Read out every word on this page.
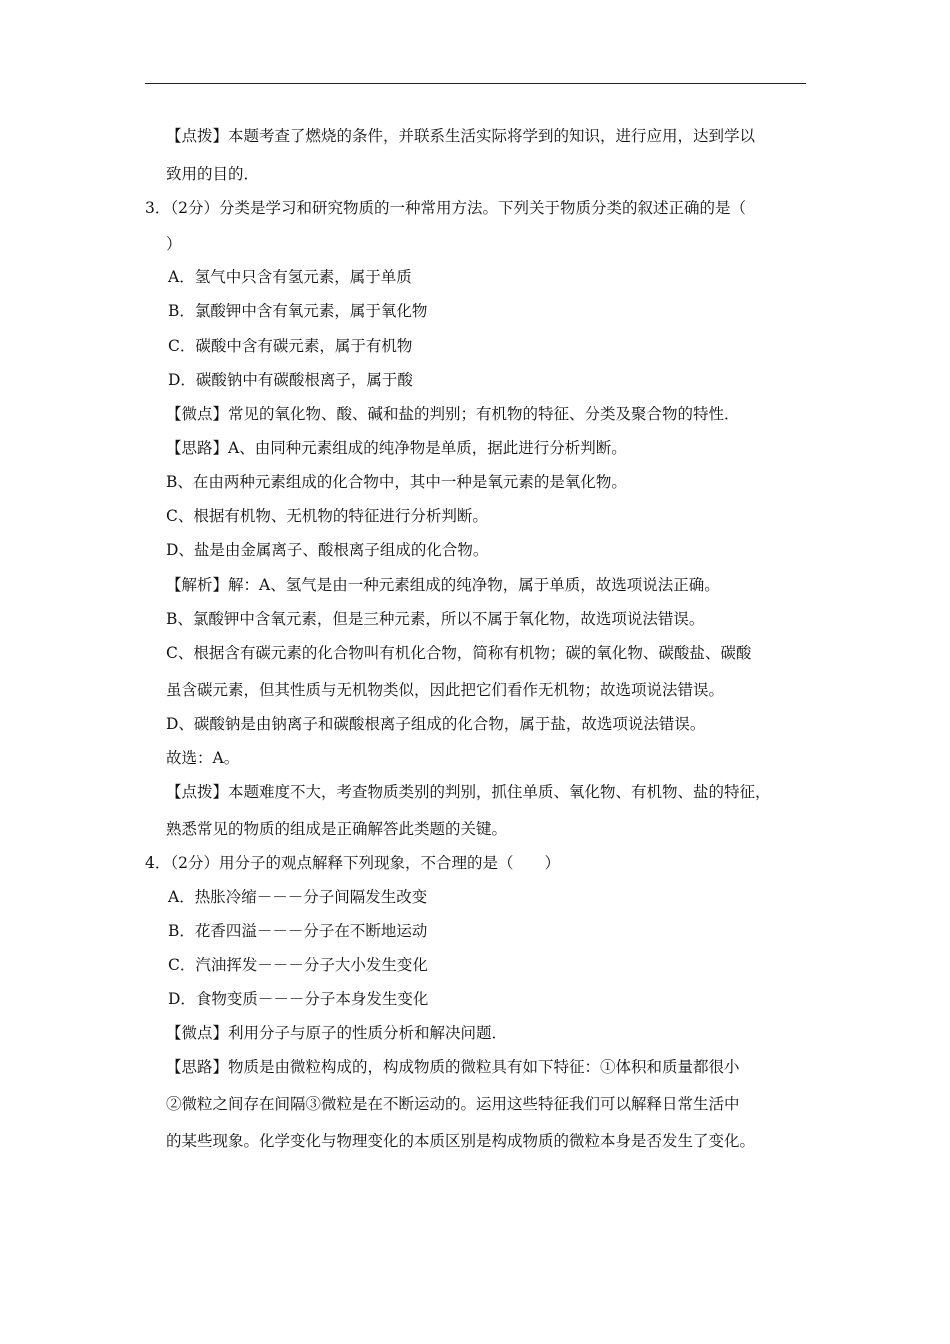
【点拨】本题考查了燃烧的条件，并联系生活实际将学到的知识，进行应用，达到学以
致用的目的．
3．（2分）分类是学习和研究物质的一种常用方法。下列关于物质分类的叙述正确的是（
）
A．氢气中只含有氢元素，属于单质
B．氯酸钾中含有氧元素，属于氧化物
C．碳酸中含有碳元素，属于有机物
D．碳酸钠中有碳酸根离子，属于酸
【微点】常见的氧化物、酸、碱和盐的判别；有机物的特征、分类及聚合物的特性．
【思路】A、由同种元素组成的纯净物是单质，据此进行分析判断。
B、在由两种元素组成的化合物中，其中一种是氧元素的是氧化物。
C、根据有机物、无机物的特征进行分析判断。
D、盐是由金属离子、酸根离子组成的化合物。
【解析】解：A、氢气是由一种元素组成的纯净物，属于单质，故选项说法正确。
B、氯酸钾中含氧元素，但是三种元素，所以不属于氧化物，故选项说法错误。
C、根据含有碳元素的化合物叫有机化合物，简称有机物；碳的氧化物、碳酸盐、碳酸
虽含碳元素，但其性质与无机物类似，因此把它们看作无机物；故选项说法错误。
D、碳酸钠是由钠离子和碳酸根离子组成的化合物，属于盐，故选项说法错误。
故选：A。
【点拨】本题难度不大，考查物质类别的判别，抓住单质、氧化物、有机物、盐的特征，
熟悉常见的物质的组成是正确解答此类题的关键。
4．（2分）用分子的观点解释下列现象，不合理的是（　　）
A．热胀冷缩－－－分子间隔发生改变
B．花香四溢－－－分子在不断地运动
C．汽油挥发－－－分子大小发生变化
D．食物变质－－－分子本身发生变化
【微点】利用分子与原子的性质分析和解决问题．
【思路】物质是由微粒构成的，构成物质的微粒具有如下特征：①体积和质量都很小
②微粒之间存在间隔③微粒是在不断运动的。运用这些特征我们可以解释日常生活中
的某些现象。化学变化与物理变化的本质区别是构成物质的微粒本身是否发生了变化。
